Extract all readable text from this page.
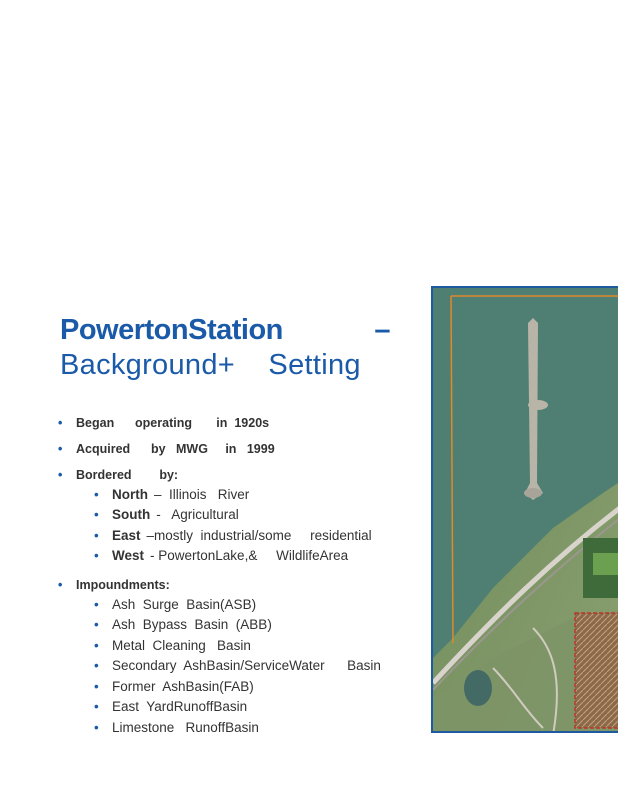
PowertonStation	–
Background+    Setting
•	Began      operating       in  1920s
•	Acquired      by   MWG     in   1999
•	Bordered        by:
• North –  Illinois   River
• South -   Agricultural
• East –mostly  industrial/some     residential
• West - PowertonLake,&     WildlifeArea
•	Impoundments:
• Ash  Surge  Basin(ASB)
• Ash  Bypass  Basin  (ABB)
• Metal  Cleaning   Basin
• Secondary  AshBasin/ServiceWater      Basin
• Former  AshBasin(FAB)
• East  YardRunoffBasin
• Limestone   RunoffBasin
